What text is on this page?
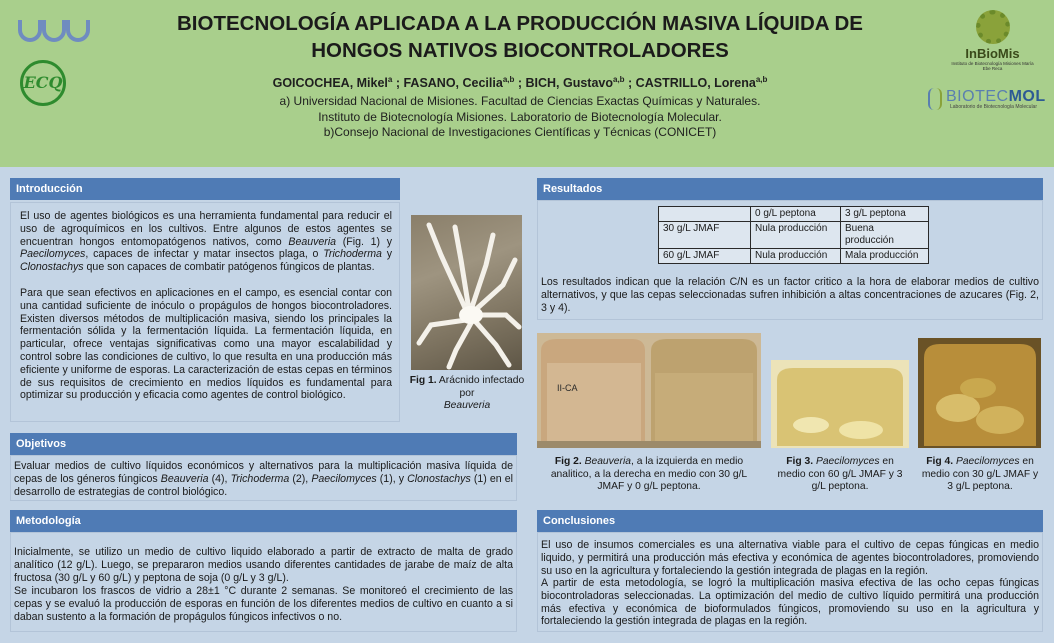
ECQ
BIOTECNOLOGÍA APLICADA A LA PRODUCCIÓN MASIVA LÍQUIDA DE
HONGOS NATIVOS BIOCONTROLADORES
GOICOCHEA, Mikel$^a$ ; FASANO, Cecilia$^{a,b}$ ; BICH, Gustavo$^{a,b}$ ; CASTRILLO, Lorena$^{a,b}$
a) Universidad Nacional de Misiones. Facultad de Ciencias Exactas Químicas y Naturales.
Instituto de Biotecnología Misiones. Laboratorio de Biotecnología Molecular.
b)Consejo Nacional de Investigaciones Científicas y Técnicas (CONICET)
InBioMis
Instituto de Biotecnología Misiones María Ebe Reca
BIOTECMOL
Laboratorio de Biotecnología Molecular
Introducción
El uso de agentes biológicos es una herramienta fundamental para reducir el uso de agroquímicos en los cultivos. Entre algunos de estos agentes se encuentran hongos entomopatógenos nativos, como Beauveria (Fig. 1) y Paecilomyces, capaces de infectar y matar insectos plaga, o Trichoderma y Clonostachys que son capaces de combatir patógenos fúngicos de plantas.
Para que sean efectivos en aplicaciones en el campo, es esencial contar con una cantidad suficiente de inóculo o propágulos de hongos biocontroladores. Existen diversos métodos de multiplicación masiva, siendo los principales la fermentación sólida y la fermentación líquida. La fermentación líquida, en particular, ofrece ventajas significativas como una mayor escalabilidad y control sobre las condiciones de cultivo, lo que resulta en una producción más eficiente y uniforme de esporas. La caracterización de estas cepas en términos de sus requisitos de crecimiento en medios líquidos es fundamental para optimizar su producción y eficacia como agentes de control biológico.
Fig 1. Arácnido infectado por
Beauveria
Objetivos
Evaluar medios de cultivo líquidos económicos y alternativos para la multiplicación masiva líquida de cepas de los géneros fúngicos Beauveria (4), Trichoderma (2), Paecilomyces (1), y Clonostachys (1) en el desarrollo de estrategias de control biológico.
Metodología
Inicialmente, se utilizo un medio de cultivo liquido elaborado a partir de extracto de malta de grado analítico (12 g/L). Luego, se prepararon medios usando diferentes cantidades de jarabe de maíz de alta fructosa (30 g/L y 60 g/L) y peptona de soja (0 g/L y 3 g/L).
Se incubaron los frascos de vidrio a 28±1 °C durante 2 semanas. Se monitoreó el crecimiento de las cepas y se evaluó la producción de esporas en función de los diferentes medios de cultivo en cuanto a si daban sustento a la formación de propágulos fúngicos infectivos o no.
Resultados
	0 g/L peptona	3 g/L peptona
30 g/L JMAF	Nula producción	Buena producción
60 g/L JMAF	Nula producción	Mala producción
Los resultados indican que la relación C/N es un factor critico a la hora de elaborar medios de cultivo alternativos, y que las cepas seleccionadas sufren inhibición a altas concentraciones de azucares (Fig. 2, 3 y 4).
II-CA
Fig 2. Beauveria, a la izquierda en medio analitico, a la derecha en medio con 30 g/L JMAF y 0 g/L peptona.
Fig 3. Paecilomyces en medio con 60 g/L JMAF y 3 g/L peptona.
Fig 4. Paecilomyces en medio con 30 g/L JMAF y 3 g/L peptona.
Conclusiones
El uso de insumos comerciales es una alternativa viable para el cultivo de cepas fúngicas en medio liquido, y permitirá una producción más efectiva y económica de agentes biocontroladores, promoviendo su uso en la agricultura y fortaleciendo la gestión integrada de plagas en la región.
A partir de esta metodología, se logró la multiplicación masiva efectiva de las ocho cepas fúngicas biocontroladoras seleccionadas. La optimización del medio de cultivo líquido permitirá una producción más efectiva y económica de bioformulados fúngicos, promoviendo su uso en la agricultura y fortaleciendo la gestión integrada de plagas en la región.
